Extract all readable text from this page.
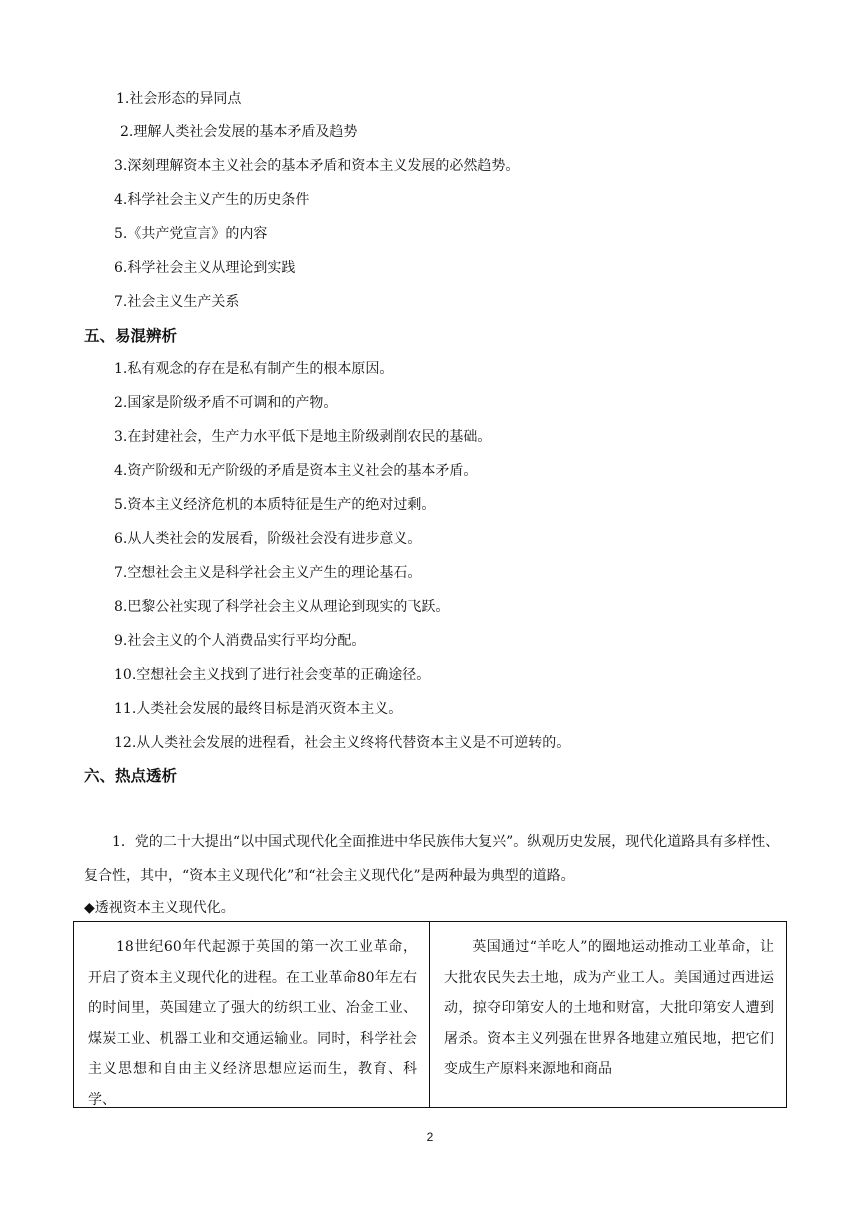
1.社会形态的异同点
2.理解人类社会发展的基本矛盾及趋势
3.深刻理解资本主义社会的基本矛盾和资本主义发展的必然趋势。
4.科学社会主义产生的历史条件
5.《共产党宣言》的内容
6.科学社会主义从理论到实践
7.社会主义生产关系
五、易混辨析
1.私有观念的存在是私有制产生的根本原因。
2.国家是阶级矛盾不可调和的产物。
3.在封建社会，生产力水平低下是地主阶级剥削农民的基础。
4.资产阶级和无产阶级的矛盾是资本主义社会的基本矛盾。
5.资本主义经济危机的本质特征是生产的绝对过剩。
6.从人类社会的发展看，阶级社会没有进步意义。
7.空想社会主义是科学社会主义产生的理论基石。
8.巴黎公社实现了科学社会主义从理论到现实的飞跃。
9.社会主义的个人消费品实行平均分配。
10.空想社会主义找到了进行社会变革的正确途径。
11.人类社会发展的最终目标是消灭资本主义。
12.从人类社会发展的进程看，社会主义终将代替资本主义是不可逆转的。
六、热点透析
1．党的二十大提出“以中国式现代化全面推进中华民族伟大复兴”。纵观历史发展，现代化道路具有多样性、复合性，其中，“资本主义现代化”和“社会主义现代化”是两种最为典型的道路。
◆透视资本主义现代化。
18世纪60年代起源于英国的第一次工业革命，开启了资本主义现代化的进程。在工业革命80年左右的时间里，英国建立了强大的纺织工业、冶金工业、煤炭工业、机器工业和交通运输业。同时，科学社会主义思想和自由主义经济思想应运而生，教育、科学、
英国通过“羊吃人”的圈地运动推动工业革命，让大批农民失去土地，成为产业工人。美国通过西进运动，掠夺印第安人的土地和财富，大批印第安人遭到屠杀。资本主义列强在世界各地建立殖民地，把它们变成生产原料来源地和商品
2
